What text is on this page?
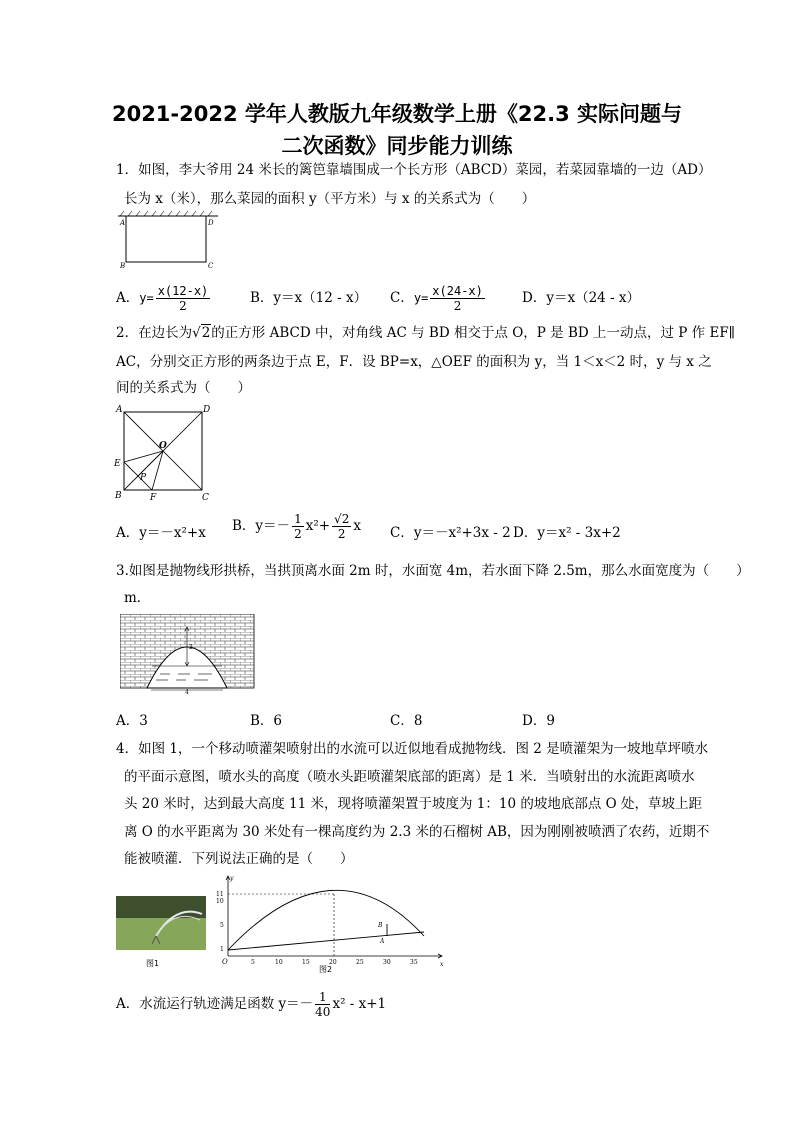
2021-2022 学年人教版九年级数学上册《22.3 实际问题与
二次函数》同步能力训练
1．如图，李大爷用 24 米长的篱笆靠墙围成一个长方形（ABCD）菜园，若菜园靠墙的一边（AD）
长为 x（米），那么菜园的面积 y（平方米）与 x 的关系式为（　　）
A	D
B	C
A．$y= \frac{x(12-x)}{2}$	B．y＝x（12 - x） C．$y= \frac{x(24-x)}{2}$	D．y＝x（24 - x）
2．在边长为√2的正方形 ABCD 中，对角线 AC 与 BD 相交于点 O，P 是 BD 上一动点，过 P 作 EF∥
AC，分别交正方形的两条边于点 E，F．设 BP=x，△OEF 的面积为 y，当 1＜x＜2 时，y 与 x 之
间的关系式为（　　）
A	D
O
E
P
B	F	C
A．y＝－x²+x B．$y=- \frac{1}{2} x^2+ \frac{√2}{2}$ x C．y＝－x²+3x - 2 D．y＝x² - 3x+2
3.如图是抛物线形拱桥，当拱顶离水面 2m 时，水面宽 4m，若水面下降 2.5m，那么水面宽度为（　　）
m．
2
4
A．3	B．6	C．8	D．9
4．如图 1，一个移动喷灌架喷射出的水流可以近似地看成抛物线．图 2 是喷灌架为一坡地草坪喷水
的平面示意图，喷水头的高度（喷水头距喷灌架底部的距离）是 1 米．当喷射出的水流距离喷水
头 20 米时，达到最大高度 11 米，现将喷灌架置于坡度为 1：10 的坡地底部点 O 处，草坡上距
离 O 的水平距离为 30 米处有一棵高度约为 2.3 米的石榴树 AB，因为刚刚被喷洒了农药，近期不
能被喷灌．下列说法正确的是（　　）
图1
y
x
O
11
10
5
1
5	10	15	20	25	30	35
B
A
图2
A．水流运行轨迹满足函数 $y=- \frac{1}{40} x^2 - x+1$
